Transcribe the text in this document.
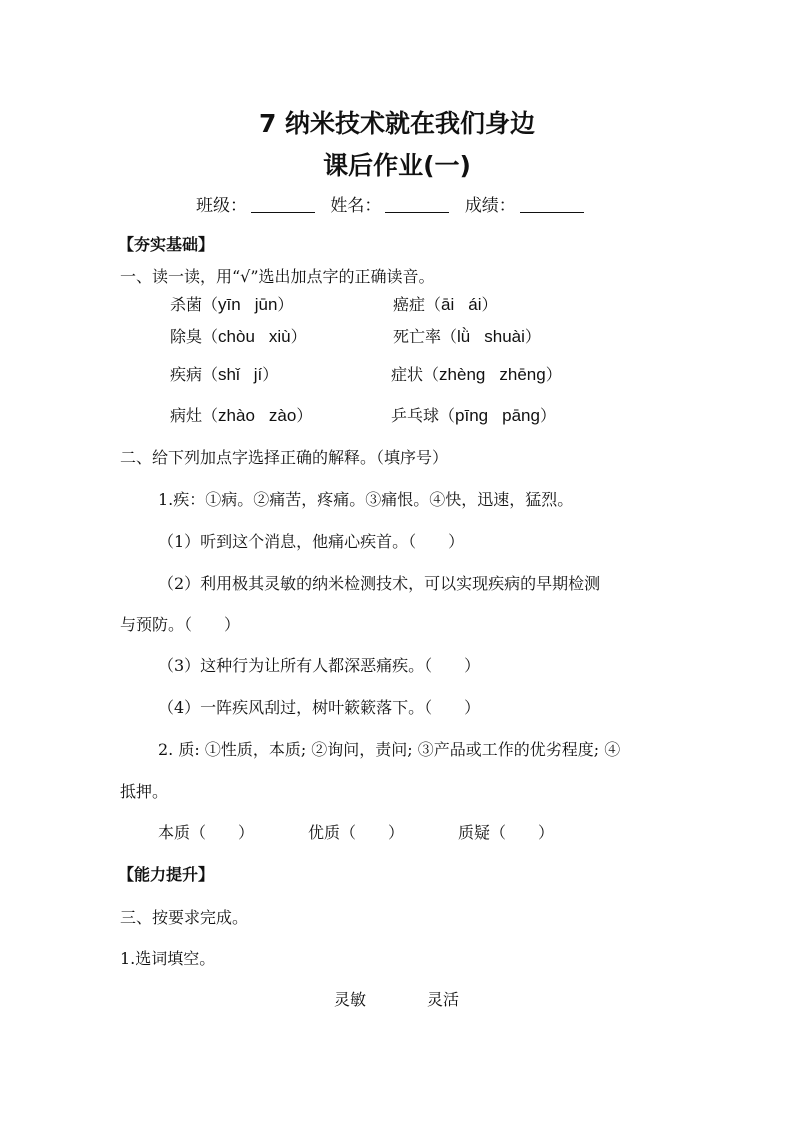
7 纳米技术就在我们身边
课后作业(一)
班级：	姓名：	成绩：
【夯实基础】
一、读一读，用“√”选出加点字的正确读音。
杀菌（yīn jūn）	癌症（āi ái）
除臭（chòu xiù）	死亡率（lǜ shuài）
疾病（shǐ jí）	症状（zhèng zhēng）
病灶（zhào zào）	乒乓球（pīng pāng）
二、给下列加点字选择正确的解释。（填序号）
1.疾：①病。②痛苦，疼痛。③痛恨。④快，迅速，猛烈。
（1）听到这个消息，他痛心疾首。（　　）
（2）利用极其灵敏的纳米检测技术，可以实现疾病的早期检测
与预防。（　　）
（3）这种行为让所有人都深恶痛疾。（　　）
（4）一阵疾风刮过，树叶簌簌落下。（　　）
2. 质: ①性质，本质; ②询问，责问; ③产品或工作的优劣程度; ④
抵押。
本质（　　）	优质（　　）	质疑（　　）
【能力提升】
三、按要求完成。
1.选词填空。
灵敏	灵活
